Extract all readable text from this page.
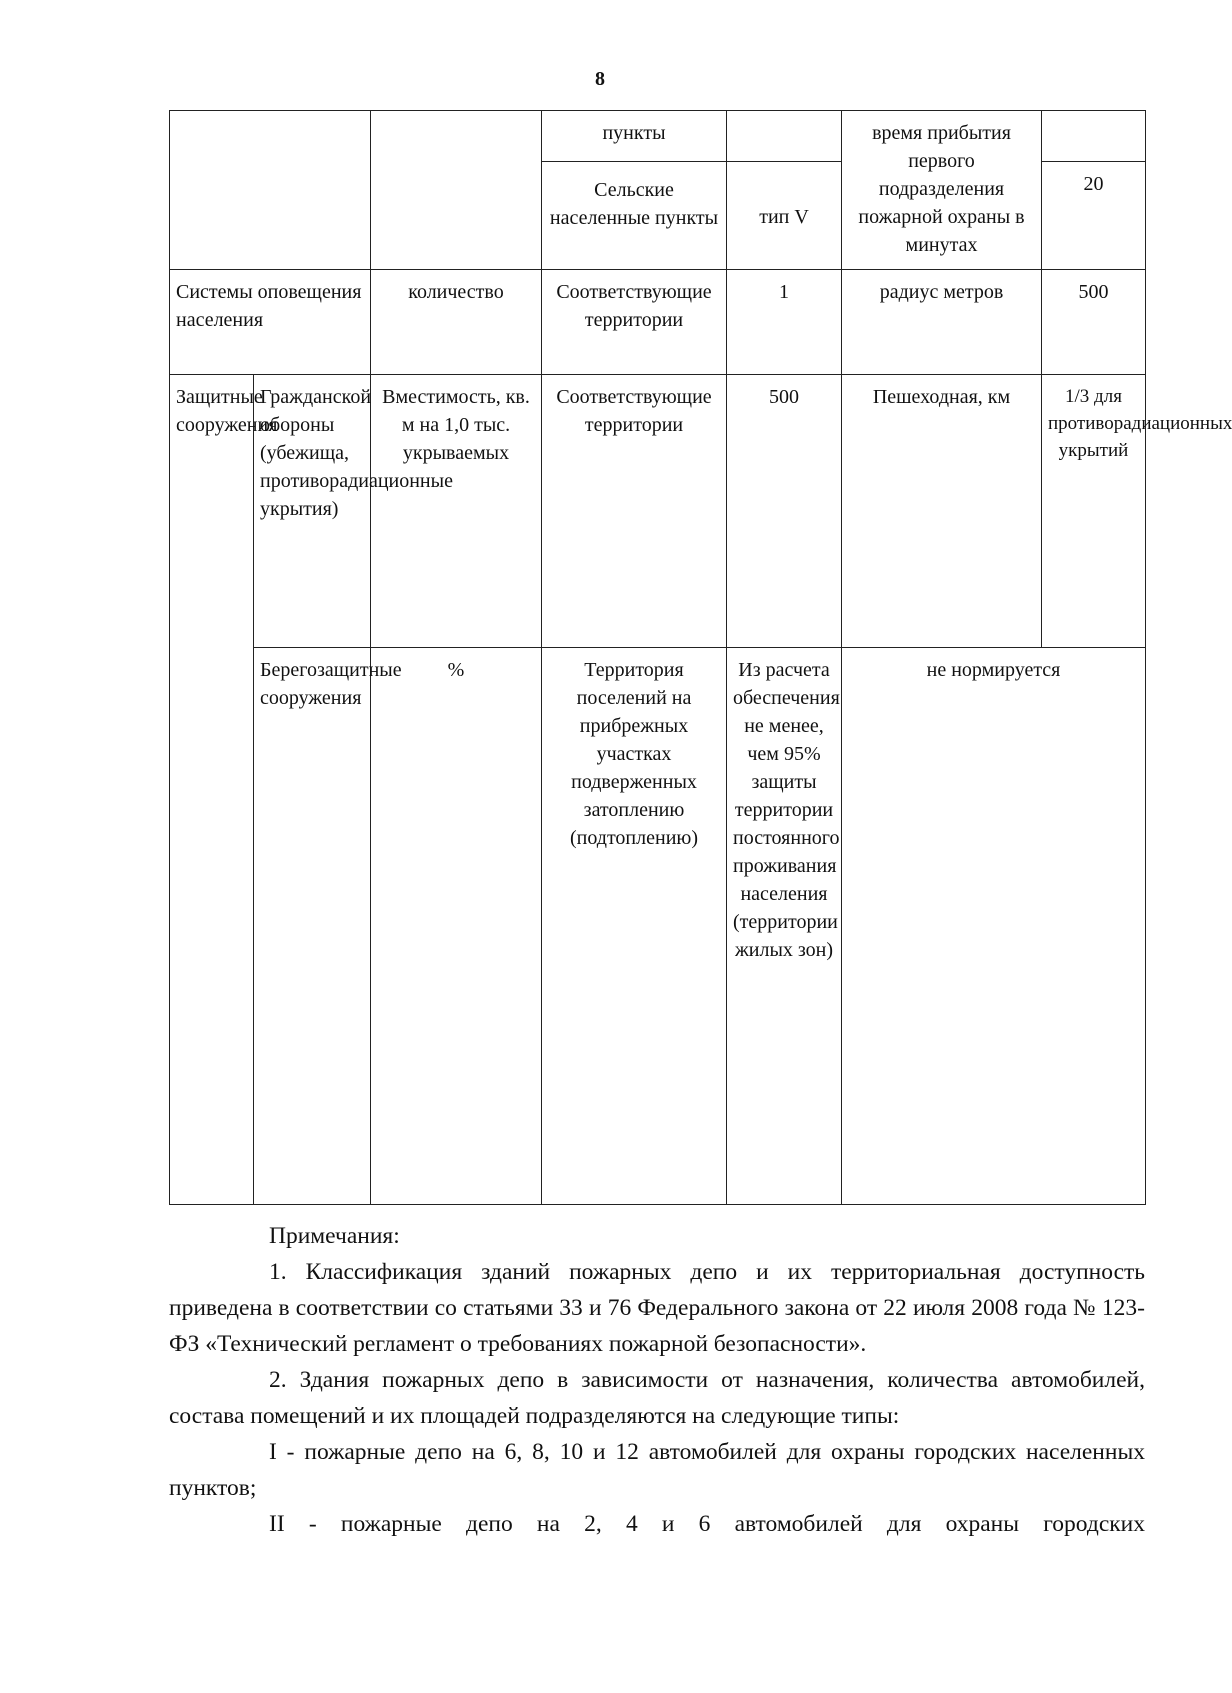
8
			пункты		время прибытия первого подразделения пожарной охраны в минутах	
			Сельские населенные пункты	тип V		20
Системы оповещения населения		количество	Соответствующие территории	1	радиус метров	500
Защитные сооружения	Гражданской обороны (убежища, противорадиационные укрытия)	Вместимость, кв. м на 1,0 тыс. укрываемых	Соответствующие территории	500	Пешеходная, км	1/3 для противорадиационных укрытий
	Берегозащитные сооружения	%	Территория поселений на прибрежных участках подверженных затоплению (подтоплению)	Из расчета обеспечения не менее, чем 95% защиты территории постоянного проживания населения (территории жилых зон)	не нормируется	

Примечания:

1. Классификация зданий пожарных депо и их территориальная доступность приведена в соответствии со статьями 33 и 76 Федерального закона от 22 июля 2008 года № 123-ФЗ «Технический регламент о требованиях пожарной безопасности».

2. Здания пожарных депо в зависимости от назначения, количества автомобилей, состава помещений и их площадей подразделяются на следующие типы:

I - пожарные депо на 6, 8, 10 и 12 автомобилей для охраны городских населенных пунктов;

II - пожарные депо на 2, 4 и 6 автомобилей для охраны городских
